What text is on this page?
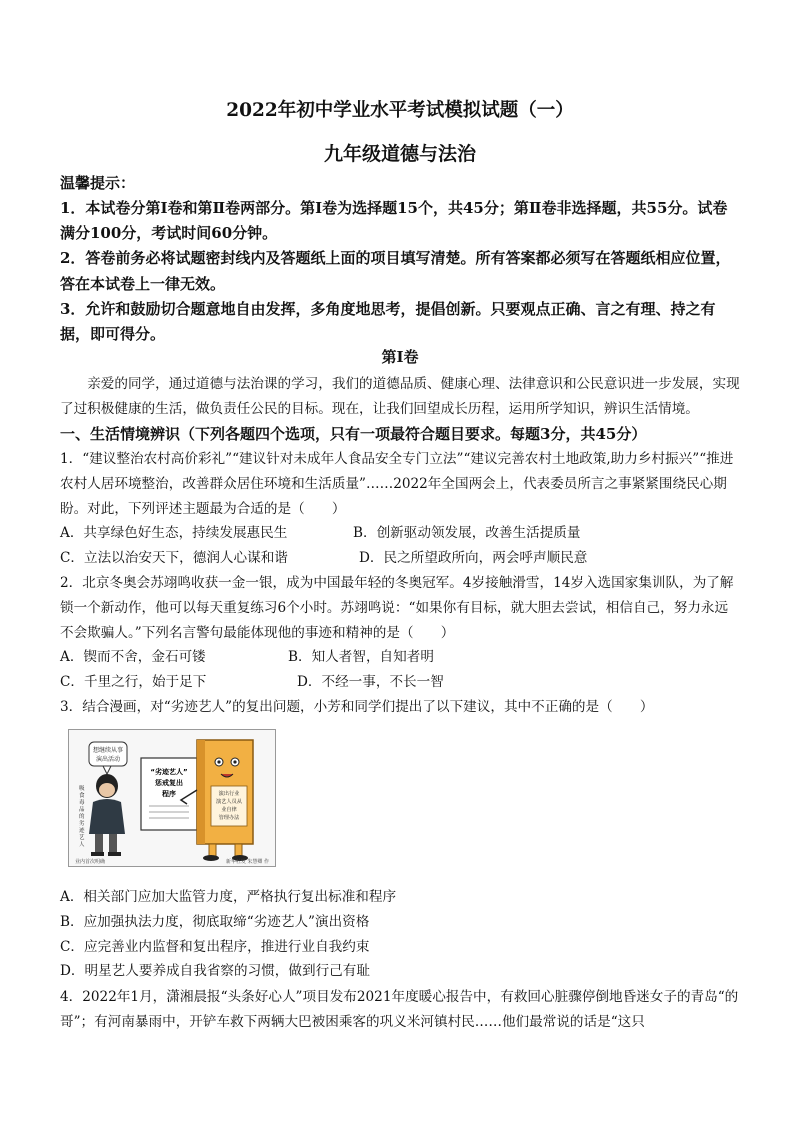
2022年初中学业水平考试模拟试题（一）
九年级道德与法治
温馨提示：

1．本试卷分第Ⅰ卷和第Ⅱ卷两部分。第Ⅰ卷为选择题15个，共45分；第Ⅱ卷非选择题，共55分。试卷满分100分，考试时间60分钟。

2．答卷前务必将试题密封线内及答题纸上面的项目填写清楚。所有答案都必须写在答题纸相应位置，答在本试卷上一律无效。

3．允许和鼓励切合题意地自由发挥，多角度地思考，提倡创新。只要观点正确、言之有理、持之有据，即可得分。

第Ⅰ卷

亲爱的同学，通过道德与法治课的学习，我们的道德品质、健康心理、法律意识和公民意识进一步发展，实现了过积极健康的生活，做负责任公民的目标。现在，让我们回望成长历程，运用所学知识，辨识生活情境。

一、生活情境辨识（下列各题四个选项，只有一项最符合题目要求。每题3分，共45分）

1．“建议整治农村高价彩礼”“建议针对未成年人食品安全专门立法”“建议完善农村土地政策,助力乡村振兴”“推进农村人居环境整治，改善群众居住环境和生活质量”……2022年全国两会上，代表委员所言之事紧紧围绕民心期盼。对此，下列评述主题最为合适的是（　　）

A．共享绿色好生态，持续发展惠民生	B．创新驱动领发展，改善生活提质量
C．立法以治安天下，德润人心谋和谐	D．民之所望政所向，两会呼声顺民意

2．北京冬奥会苏翊鸣收获一金一银，成为中国最年轻的冬奥冠军。4岁接触滑雪，14岁入选国家集训队，为了解锁一个新动作，他可以每天重复练习6个小时。苏翊鸣说：“如果你有目标，就大胆去尝试，相信自己，努力永远不会欺骗人。”下列名言警句最能体现他的事迹和精神的是（　　）

A．锲而不舍，金石可镂	B．知人者智，自知者明
C．千里之行，始于足下	D．不经一事，不长一智

3．结合漫画，对“劣迹艺人”的复出问题，小芳和同学们提出了以下建议，其中不正确的是（　　）

想继续从事
演出活动
吸
食
毒
品
的
劣
迹
艺
人
“劣迹艺人”
惩戒复出
程序	演出行业
演艺人员从
业自律
管理办法
业内首次明确	新华社发 朱慧卿 作
A．相关部门应加大监管力度，严格执行复出标准和程序
B．应加强执法力度，彻底取缔“劣迹艺人”演出资格
C．应完善业内监督和复出程序，推进行业自我约束
D．明星艺人要养成自我省察的习惯，做到行己有耻

4．2022年1月，潇湘晨报“头条好心人”项目发布2021年度暖心报告中，有救回心脏骤停倒地昏迷女子的青岛“的哥”；有河南暴雨中，开铲车救下两辆大巴被困乘客的巩义米河镇村民……他们最常说的话是“这只
